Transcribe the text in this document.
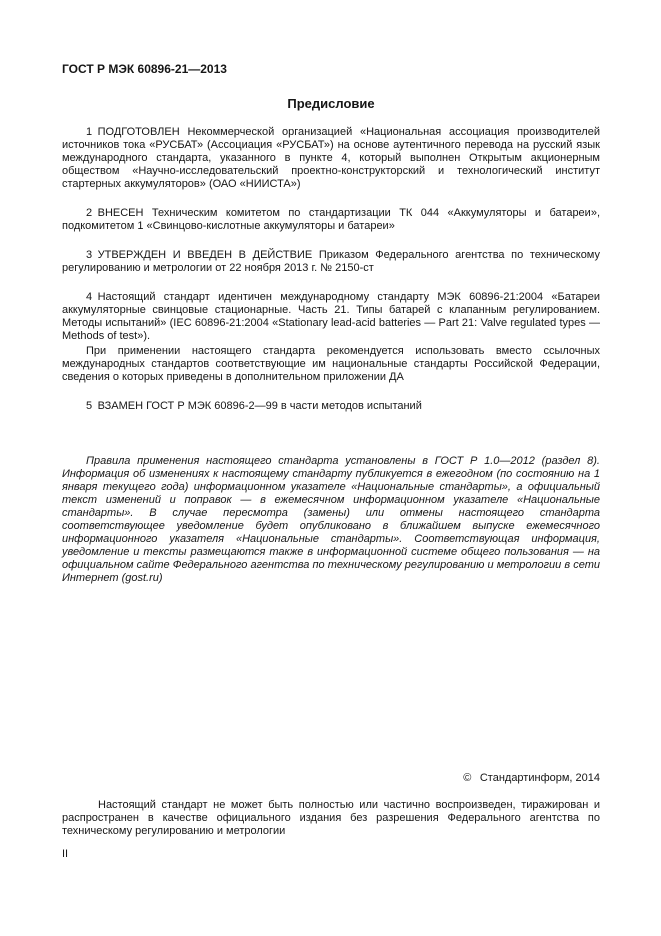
ГОСТ Р МЭК 60896-21—2013
Предисловие

1 ПОДГОТОВЛЕН Некоммерческой организацией «Национальная ассоциация производителей источников тока «РУСБАТ» (Ассоциация «РУСБАТ») на основе аутентичного перевода на русский язык международного стандарта, указанного в пункте 4, который выполнен Открытым акционерным обществом «Научно-исследовательский проектно-конструкторский и технологический институт стартерных аккумуляторов» (ОАО «НИИСТА»)

2 ВНЕСЕН Техническим комитетом по стандартизации ТК 044 «Аккумуляторы и батареи», подкомитетом 1 «Свинцово-кислотные аккумуляторы и батареи»

3 УТВЕРЖДЕН И ВВЕДЕН В ДЕЙСТВИЕ Приказом Федерального агентства по техническому регулированию и метрологии от 22 ноября 2013 г. № 2150-ст

4 Настоящий стандарт идентичен международному стандарту МЭК 60896-21:2004 «Батареи аккумуляторные свинцовые стационарные. Часть 21. Типы батарей с клапанным регулированием. Методы испытаний» (IEC 60896-21:2004 «Stationary lead-acid batteries — Part 21: Valve regulated types — Methods of test»).

При применении настоящего стандарта рекомендуется использовать вместо ссылочных международных стандартов соответствующие им национальные стандарты Российской Федерации, сведения о которых приведены в дополнительном приложении ДА

5 ВЗАМЕН ГОСТ Р МЭК 60896-2—99 в части методов испытаний

Правила применения настоящего стандарта установлены в ГОСТ Р 1.0—2012 (раздел 8). Информация об изменениях к настоящему стандарту публикуется в ежегодном (по состоянию на 1 января текущего года) информационном указателе «Национальные стандарты», а официальный текст изменений и поправок — в ежемесячном информационном указателе «Национальные стандарты». В случае пересмотра (замены) или отмены настоящего стандарта соответствующее уведомление будет опубликовано в ближайшем выпуске ежемесячного информационного указателя «Национальные стандарты». Соответствующая информация, уведомление и тексты размещаются также в информационной системе общего пользования — на официальном сайте Федерального агентства по техническому регулированию и метрологии в сети Интернет (gost.ru)

©  Стандартинформ, 2014

Настоящий стандарт не может быть полностью или частично воспроизведен, тиражирован и распространен в качестве официального издания без разрешения Федерального агентства по техническому регулированию и метрологии

II
